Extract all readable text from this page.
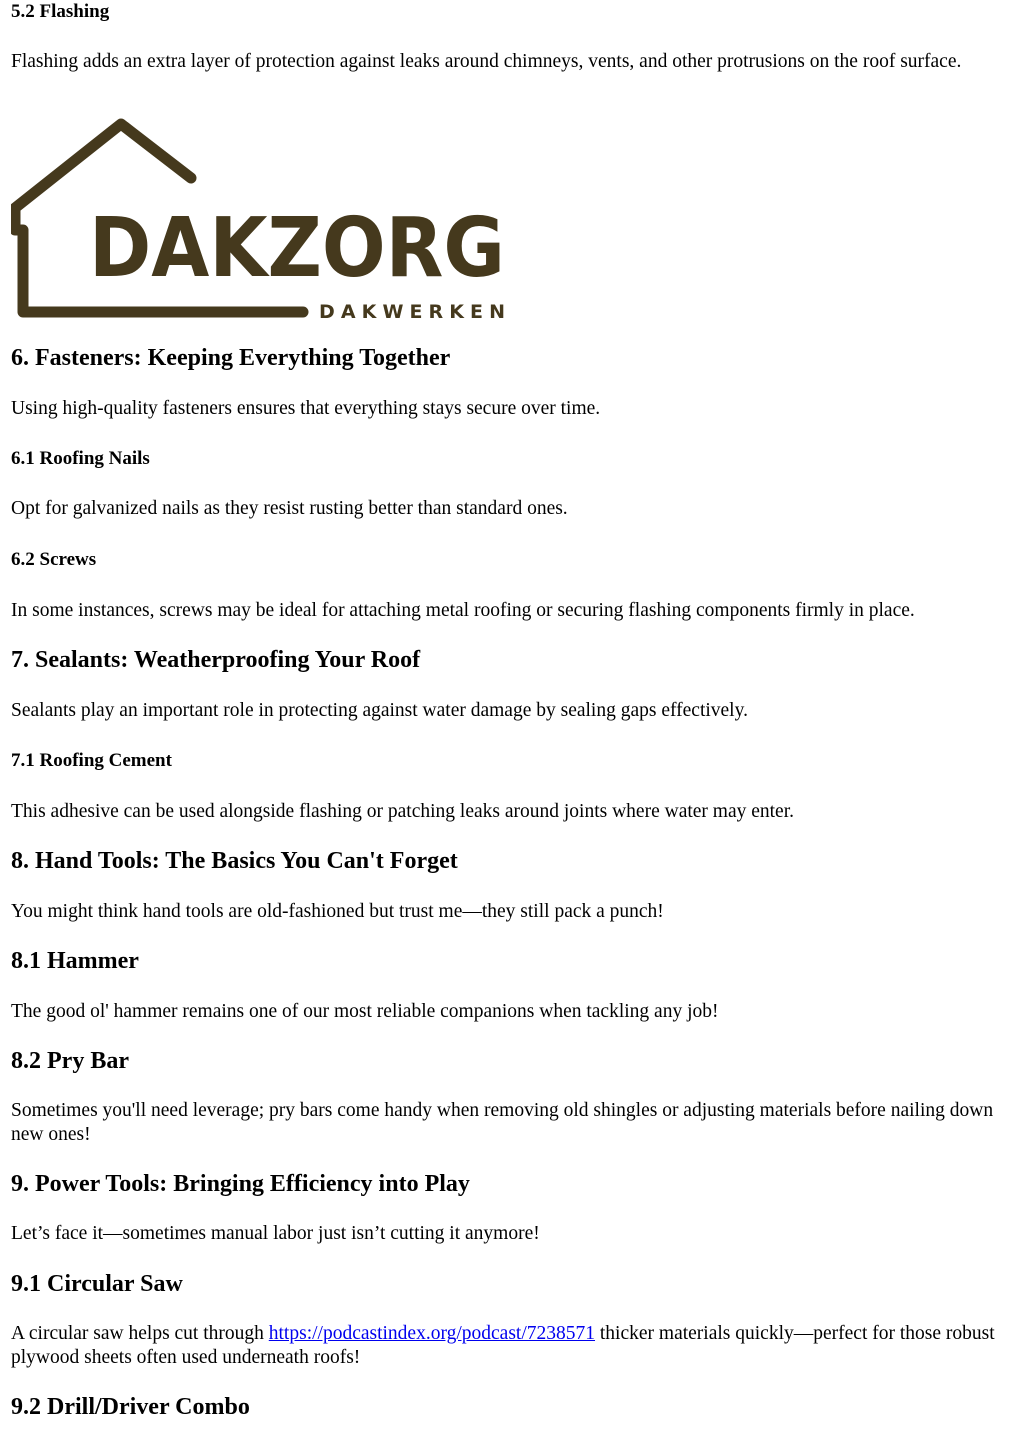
5.2 Flashing

Flashing adds an extra layer of protection against leaks around chimneys, vents, and other protrusions on the roof surface.

DAKZORG
DAKWERKEN
6. Fasteners: Keeping Everything Together

Using high-quality fasteners ensures that everything stays secure over time.

6.1 Roofing Nails

Opt for galvanized nails as they resist rusting better than standard ones.

6.2 Screws

In some instances, screws may be ideal for attaching metal roofing or securing flashing components firmly in place.

7. Sealants: Weatherproofing Your Roof

Sealants play an important role in protecting against water damage by sealing gaps effectively.

7.1 Roofing Cement

This adhesive can be used alongside flashing or patching leaks around joints where water may enter.

8. Hand Tools: The Basics You Can't Forget

You might think hand tools are old-fashioned but trust me—they still pack a punch!

8.1 Hammer

The good ol' hammer remains one of our most reliable companions when tackling any job!

8.2 Pry Bar

Sometimes you'll need leverage; pry bars come handy when removing old shingles or adjusting materials before nailing down new ones!

9. Power Tools: Bringing Efficiency into Play

Let’s face it—sometimes manual labor just isn’t cutting it anymore!

9.1 Circular Saw

A circular saw helps cut through https://podcastindex.org/podcast/7238571 thicker materials quickly—perfect for those robust plywood sheets often used underneath roofs!

9.2 Drill/Driver Combo
